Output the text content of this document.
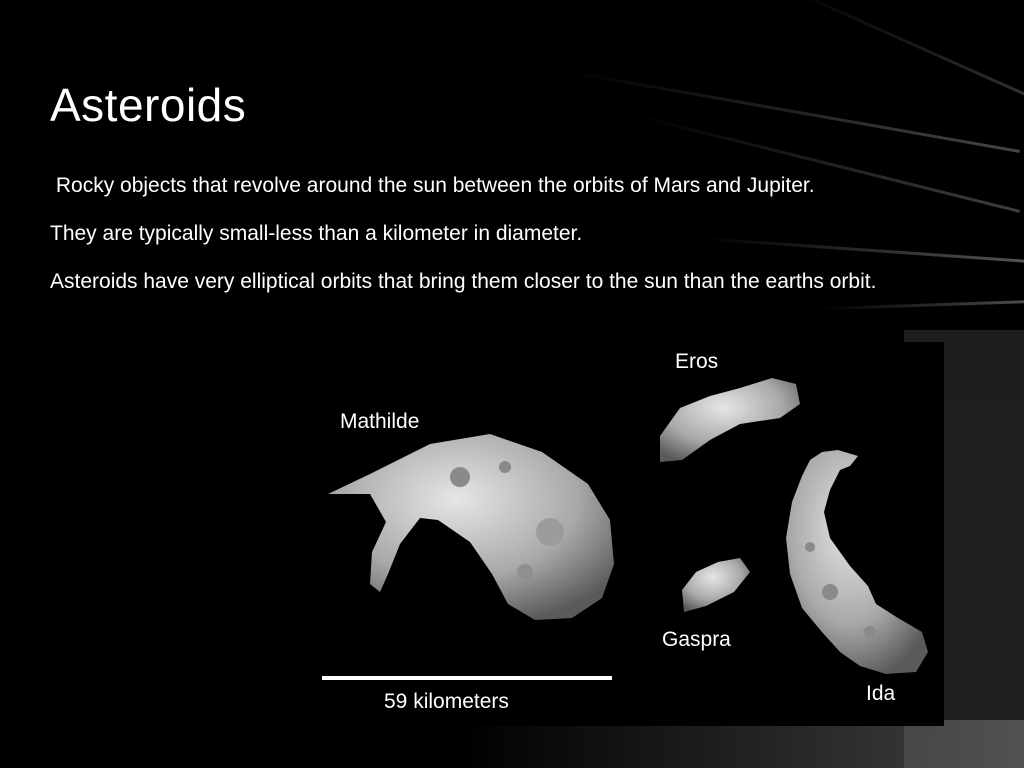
Asteroids

Rocky objects that revolve around the sun between the orbits of Mars and Jupiter.

They are typically small-less than a kilometer in diameter.

Asteroids have very elliptical orbits that bring them closer to the sun than the earths orbit.

Mathilde
Eros
Gaspra
Ida
59 kilometers
